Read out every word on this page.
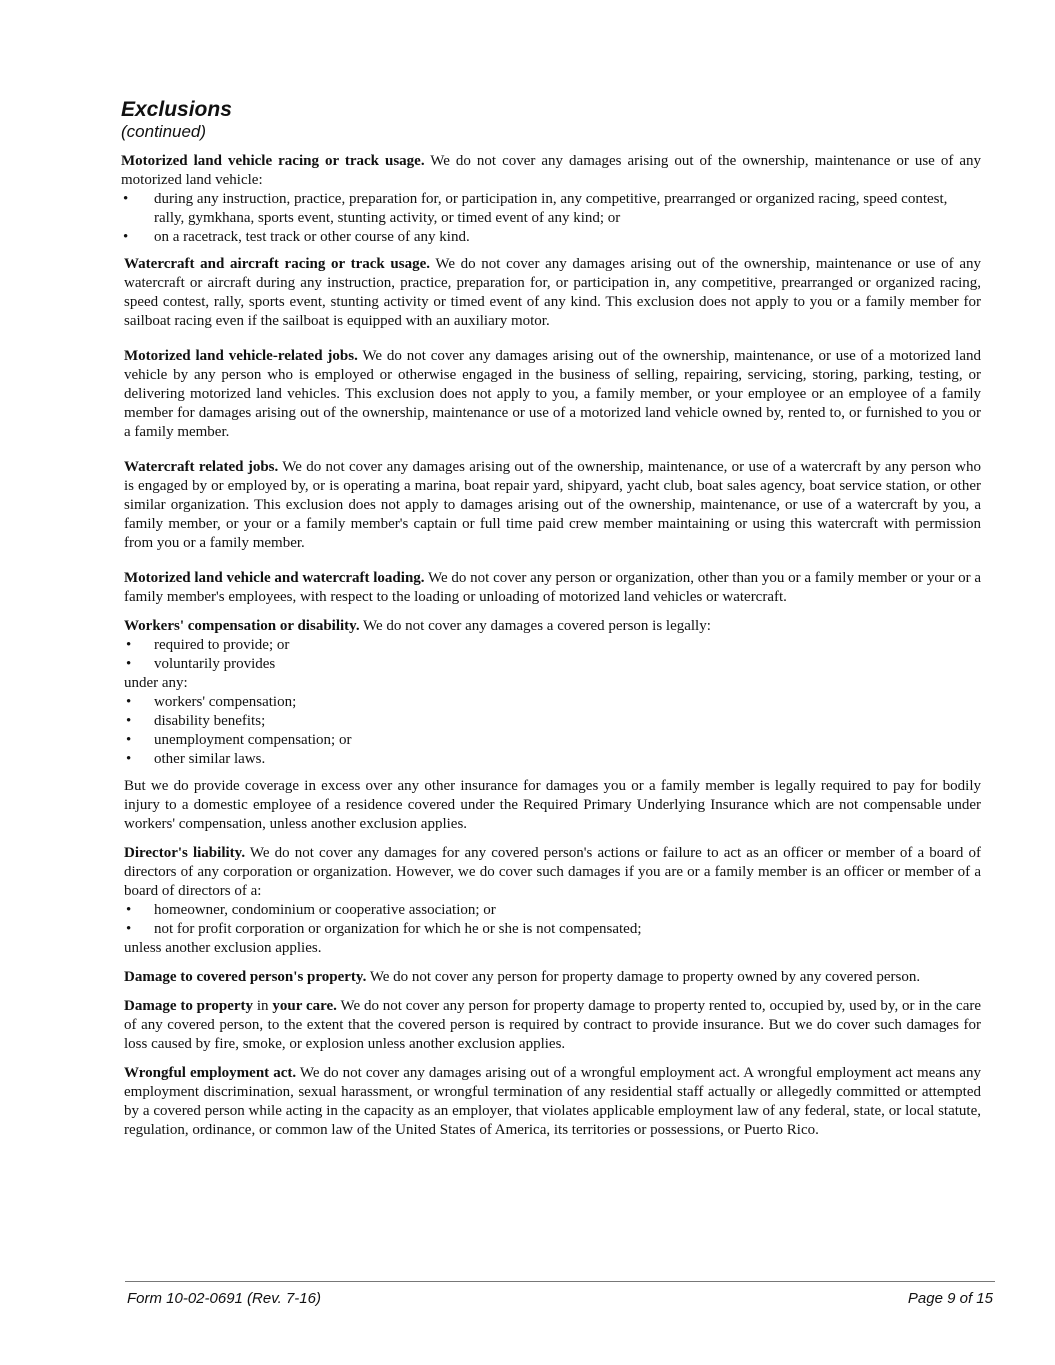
Exclusions
(continued)

Motorized land vehicle racing or track usage. We do not cover any damages arising out of the ownership, maintenance or use of any motorized land vehicle:

• during any instruction, practice, preparation for, or participation in, any competitive, prearranged or organized racing, speed contest, rally, gymkhana, sports event, stunting activity, or timed event of any kind; or
• on a racetrack, test track or other course of any kind.

Watercraft and aircraft racing or track usage. We do not cover any damages arising out of the ownership, maintenance or use of any watercraft or aircraft during any instruction, practice, preparation for, or participation in, any competitive, prearranged or organized racing, speed contest, rally, sports event, stunting activity or timed event of any kind. This exclusion does not apply to you or a family member for sailboat racing even if the sailboat is equipped with an auxiliary motor.

Motorized land vehicle-related jobs. We do not cover any damages arising out of the ownership, maintenance, or use of a motorized land vehicle by any person who is employed or otherwise engaged in the business of selling, repairing, servicing, storing, parking, testing, or delivering motorized land vehicles. This exclusion does not apply to you, a family member, or your employee or an employee of a family member for damages arising out of the ownership, maintenance or use of a motorized land vehicle owned by, rented to, or furnished to you or a family member.

Watercraft related jobs. We do not cover any damages arising out of the ownership, maintenance, or use of a watercraft by any person who is engaged by or employed by, or is operating a marina, boat repair yard, shipyard, yacht club, boat sales agency, boat service station, or other similar organization. This exclusion does not apply to damages arising out of the ownership, maintenance, or use of a watercraft by you, a family member, or your or a family member's captain or full time paid crew member maintaining or using this watercraft with permission from you or a family member.

Motorized land vehicle and watercraft loading. We do not cover any person or organization, other than you or a family member or your or a family member's employees, with respect to the loading or unloading of motorized land vehicles or watercraft.

Workers' compensation or disability. We do not cover any damages a covered person is legally:

• required to provide; or
• voluntarily provides

under any:

• workers' compensation;
• disability benefits;
• unemployment compensation; or
• other similar laws.

But we do provide coverage in excess over any other insurance for damages you or a family member is legally required to pay for bodily injury to a domestic employee of a residence covered under the Required Primary Underlying Insurance which are not compensable under workers' compensation, unless another exclusion applies.

Director's liability. We do not cover any damages for any covered person's actions or failure to act as an officer or member of a board of directors of any corporation or organization. However, we do cover such damages if you are or a family member is an officer or member of a board of directors of a:

• homeowner, condominium or cooperative association; or
• not for profit corporation or organization for which he or she is not compensated;

unless another exclusion applies.

Damage to covered person's property. We do not cover any person for property damage to property owned by any covered person.

Damage to property in your care. We do not cover any person for property damage to property rented to, occupied by, used by, or in the care of any covered person, to the extent that the covered person is required by contract to provide insurance. But we do cover such damages for loss caused by fire, smoke, or explosion unless another exclusion applies.

Wrongful employment act. We do not cover any damages arising out of a wrongful employment act. A wrongful employment act means any employment discrimination, sexual harassment, or wrongful termination of any residential staff actually or allegedly committed or attempted by a covered person while acting in the capacity as an employer, that violates applicable employment law of any federal, state, or local statute, regulation, ordinance, or common law of the United States of America, its territories or possessions, or Puerto Rico.

Form 10-02-0691 (Rev. 7-16)	Page 9 of 15
